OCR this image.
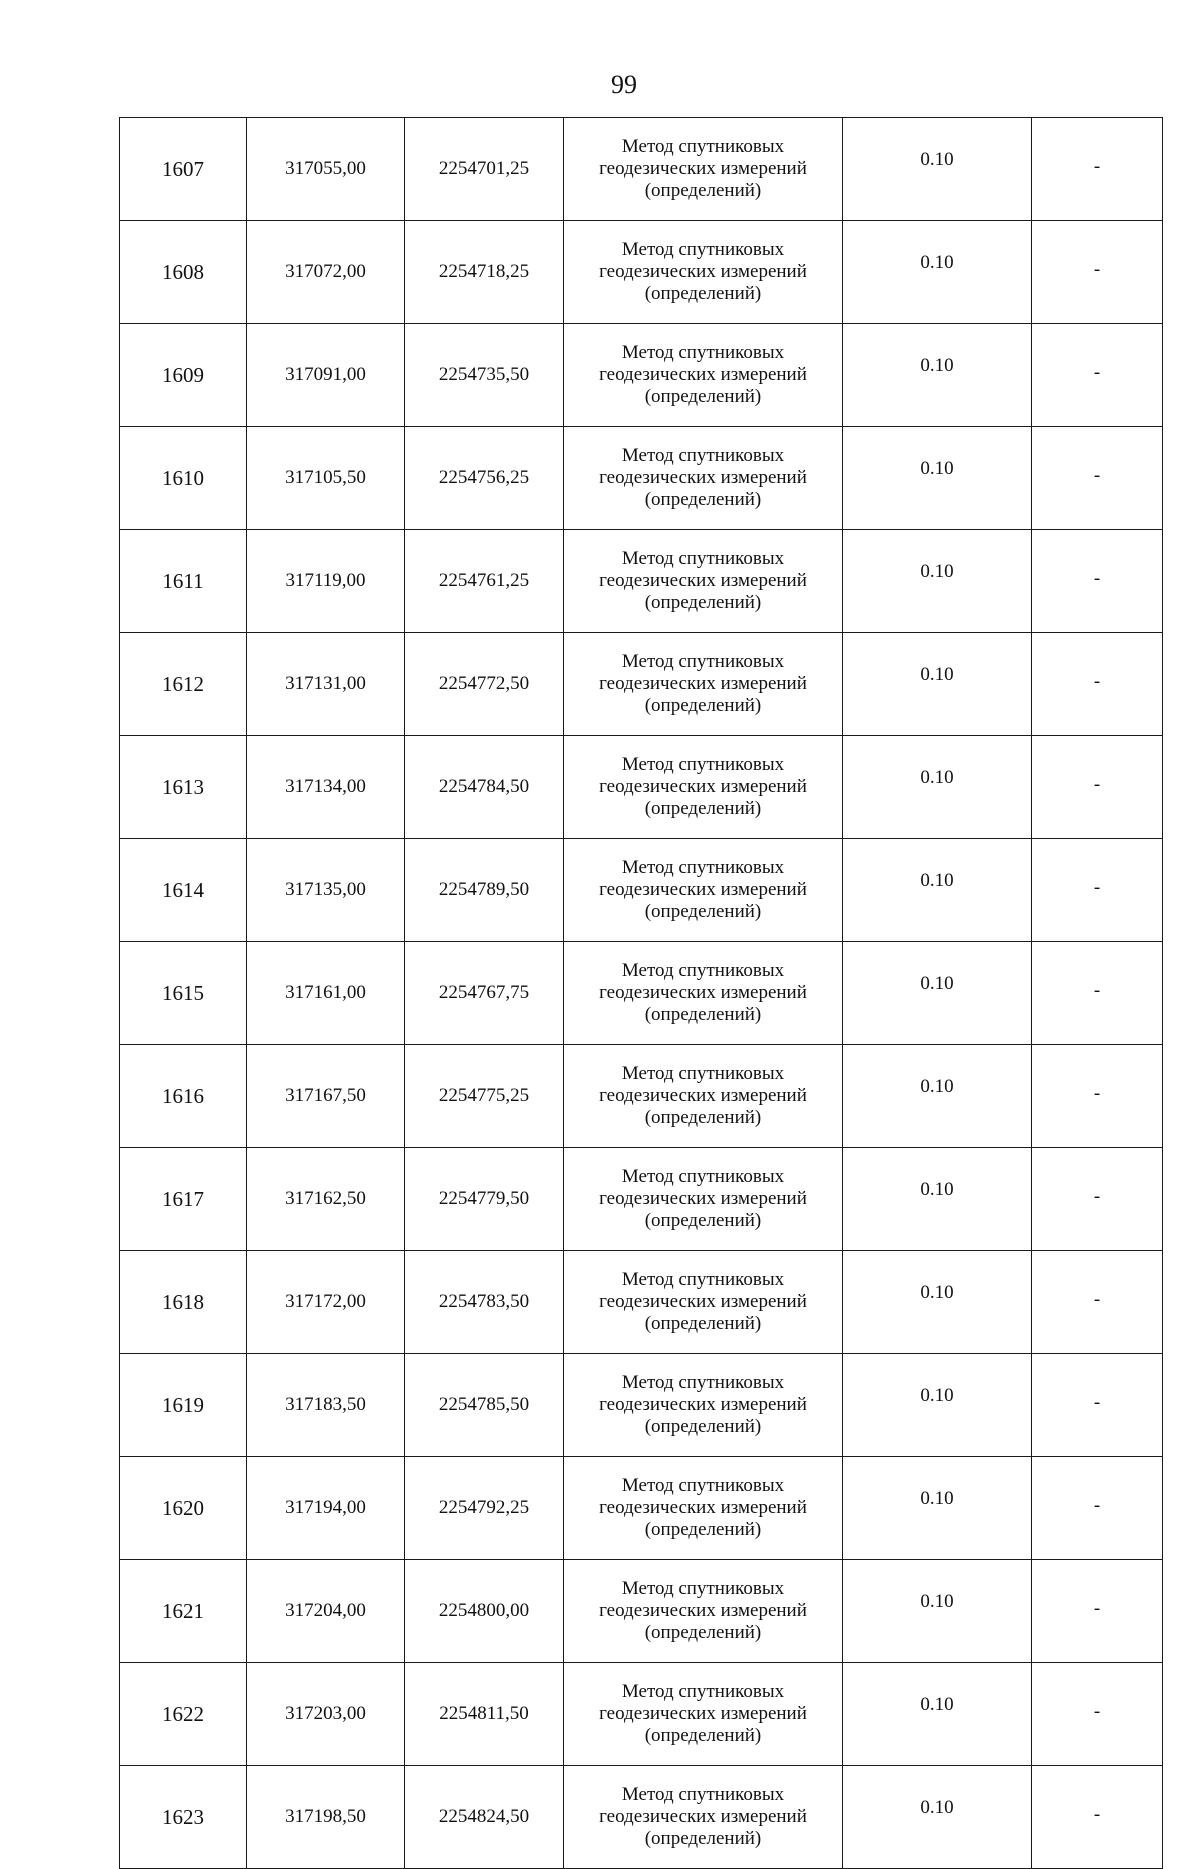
99
1607	317055,00	2254701,25	Метод спутниковых
геодезических измерений
(определений)	0.10	-
1608	317072,00	2254718,25	Метод спутниковых
геодезических измерений
(определений)	0.10	-
1609	317091,00	2254735,50	Метод спутниковых
геодезических измерений
(определений)	0.10	-
1610	317105,50	2254756,25	Метод спутниковых
геодезических измерений
(определений)	0.10	-
1611	317119,00	2254761,25	Метод спутниковых
геодезических измерений
(определений)	0.10	-
1612	317131,00	2254772,50	Метод спутниковых
геодезических измерений
(определений)	0.10	-
1613	317134,00	2254784,50	Метод спутниковых
геодезических измерений
(определений)	0.10	-
1614	317135,00	2254789,50	Метод спутниковых
геодезических измерений
(определений)	0.10	-
1615	317161,00	2254767,75	Метод спутниковых
геодезических измерений
(определений)	0.10	-
1616	317167,50	2254775,25	Метод спутниковых
геодезических измерений
(определений)	0.10	-
1617	317162,50	2254779,50	Метод спутниковых
геодезических измерений
(определений)	0.10	-
1618	317172,00	2254783,50	Метод спутниковых
геодезических измерений
(определений)	0.10	-
1619	317183,50	2254785,50	Метод спутниковых
геодезических измерений
(определений)	0.10	-
1620	317194,00	2254792,25	Метод спутниковых
геодезических измерений
(определений)	0.10	-
1621	317204,00	2254800,00	Метод спутниковых
геодезических измерений
(определений)	0.10	-
1622	317203,00	2254811,50	Метод спутниковых
геодезических измерений
(определений)	0.10	-
1623	317198,50	2254824,50	Метод спутниковых
геодезических измерений
(определений)	0.10	-
